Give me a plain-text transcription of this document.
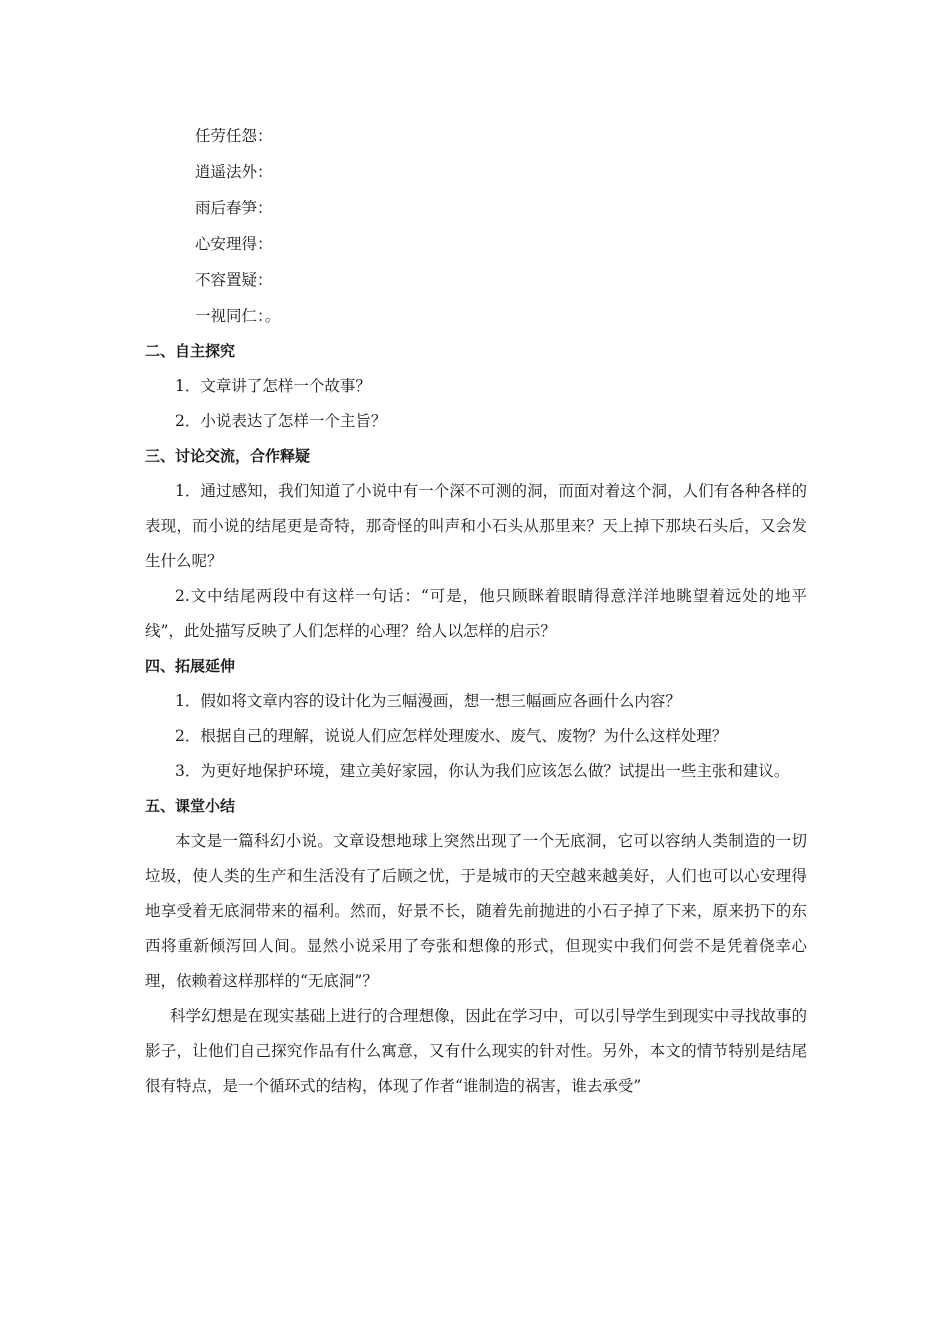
任劳任怨：
逍遥法外：
雨后春笋：
心安理得：
不容置疑：
一视同仁：。
二、自主探究
1．文章讲了怎样一个故事？
2．小说表达了怎样一个主旨？
三、讨论交流，合作释疑
1．通过感知，我们知道了小说中有一个深不可测的洞，而面对着这个洞，人们有各种各样的表现，而小说的结尾更是奇特，那奇怪的叫声和小石头从那里来？天上掉下那块石头后，又会发生什么呢？
2.文中结尾两段中有这样一句话：“可是，他只顾眯着眼睛得意洋洋地眺望着远处的地平线”，此处描写反映了人们怎样的心理？给人以怎样的启示？
四、拓展延伸
1．假如将文章内容的设计化为三幅漫画，想一想三幅画应各画什么内容？
2．根据自己的理解，说说人们应怎样处理废水、废气、废物？为什么这样处理？
3．为更好地保护环境，建立美好家园，你认为我们应该怎么做？试提出一些主张和建议。
五、课堂小结
本文是一篇科幻小说。文章设想地球上突然出现了一个无底洞，它可以容纳人类制造的一切垃圾，使人类的生产和生活没有了后顾之忧，于是城市的天空越来越美好，人们也可以心安理得地享受着无底洞带来的福利。然而，好景不长，随着先前抛进的小石子掉了下来，原来扔下的东西将重新倾泻回人间。显然小说采用了夸张和想像的形式，但现实中我们何尝不是凭着侥幸心理，依赖着这样那样的“无底洞”？
科学幻想是在现实基础上进行的合理想像，因此在学习中，可以引导学生到现实中寻找故事的影子，让他们自己探究作品有什么寓意，又有什么现实的针对性。另外，本文的情节特别是结尾很有特点，是一个循环式的结构，体现了作者“谁制造的祸害，谁去承受”
